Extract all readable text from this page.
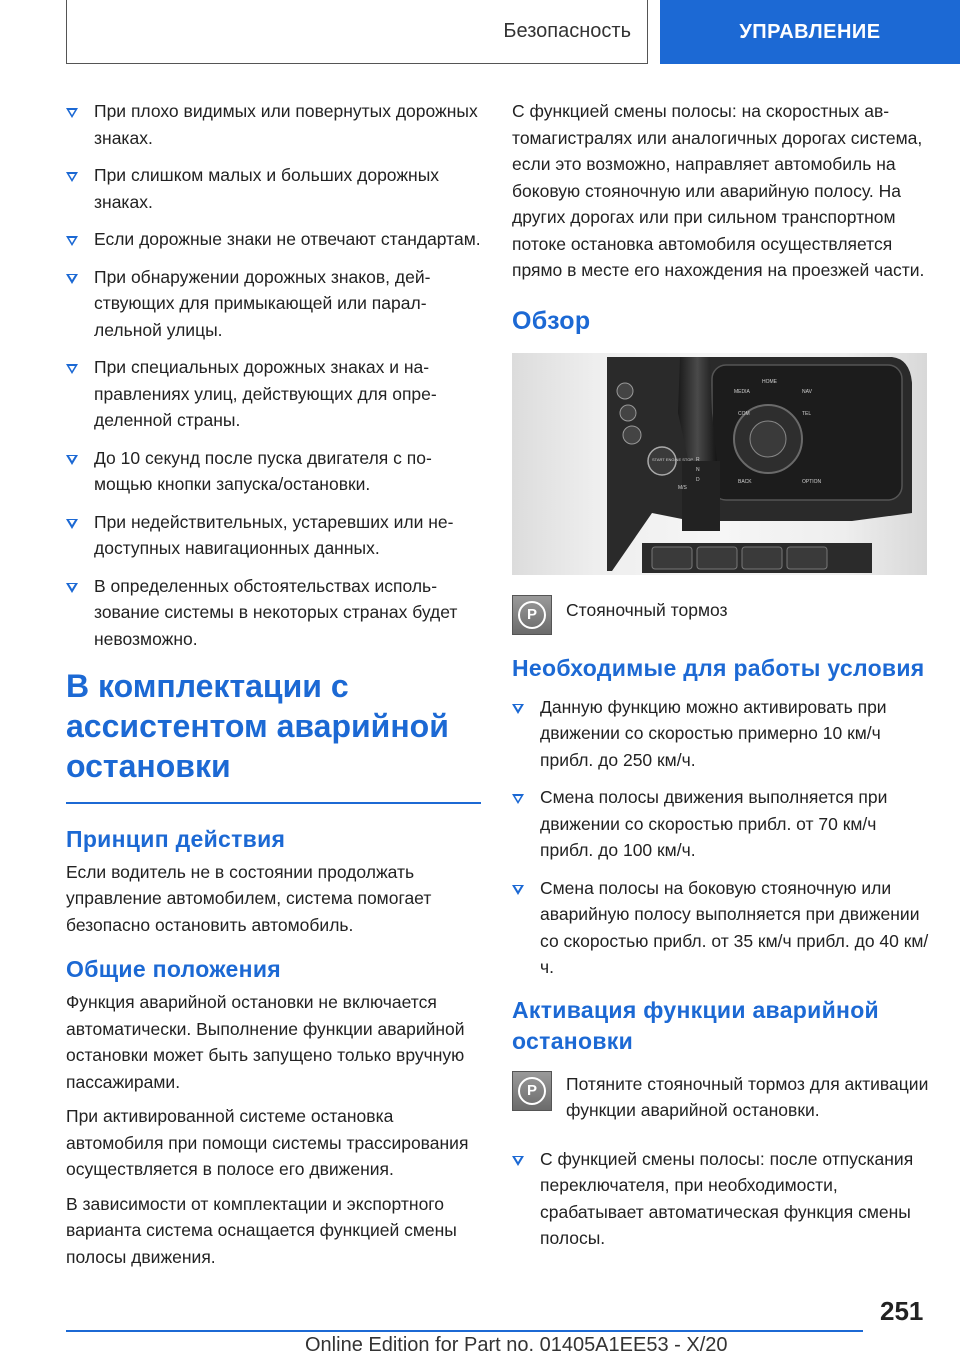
Безопасность	УПРАВЛЕНИЕ
При плохо видимых или повернутых дорожных знаках.
При слишком малых и больших дорожных знаках.
Если дорожные знаки не отвечают стандартам.
При обнаружении дорожных знаков, действующих для примыкающей или параллельной улицы.
При специальных дорожных знаках и направлениях улиц, действующих для определенной страны.
До 10 секунд после пуска двигателя с помощью кнопки запуска/остановки.
При недействительных, устаревших или недоступных навигационных данных.
В определенных обстоятельствах использование системы в некоторых странах будет невозможно.
В комплектации с ассистентом аварийной остановки
Принцип действия

Если водитель не в состоянии продолжать управление автомобилем, система помогает безопасно остановить автомобиль.

Общие положения

Функция аварийной остановки не включается автоматически. Выполнение функции аварийной остановки может быть запущено только вручную пассажирами.

При активированной системе остановка автомобиля при помощи системы трассирования осуществляется в полосе его движения.

В зависимости от комплектации и экспортного варианта система оснащается функцией смены полосы движения.

С функцией смены полосы: на скоростных автомагистралях или аналогичных дорогах система, если это возможно, направляет автомобиль на боковую стояночную или аварийную полосу. На других дорогах или при сильном транспортном потоке остановка автомобиля осуществляется прямо в месте его нахождения на проезжей части.

Обзор
MEDIA
HOME
NAV
COM	TEL
BACK	OPTION
START ENGINE STOP R
N
D
M/S
P Стояночный тормоз

Необходимые для работы условия
Данную функцию можно активировать при движении со скоростью примерно 10 км/ч прибл. до 250 км/ч.
Смена полосы движения выполняется при движении со скоростью прибл. от 70 км/ч прибл. до 100 км/ч.
Смена полосы на боковую стояночную или аварийную полосу выполняется при движении со скоростью прибл. от 35 км/ч прибл. до 40 км/ч.
Активация функции аварийной остановки
P Потяните стояночный тормоз для активации функции аварийной остановки.

С функцией смены полосы: после отпускания переключателя, при необходимости, срабатывает автоматическая функция смены полосы.
251
Online Edition for Part no. 01405A1EE53 - X/20
